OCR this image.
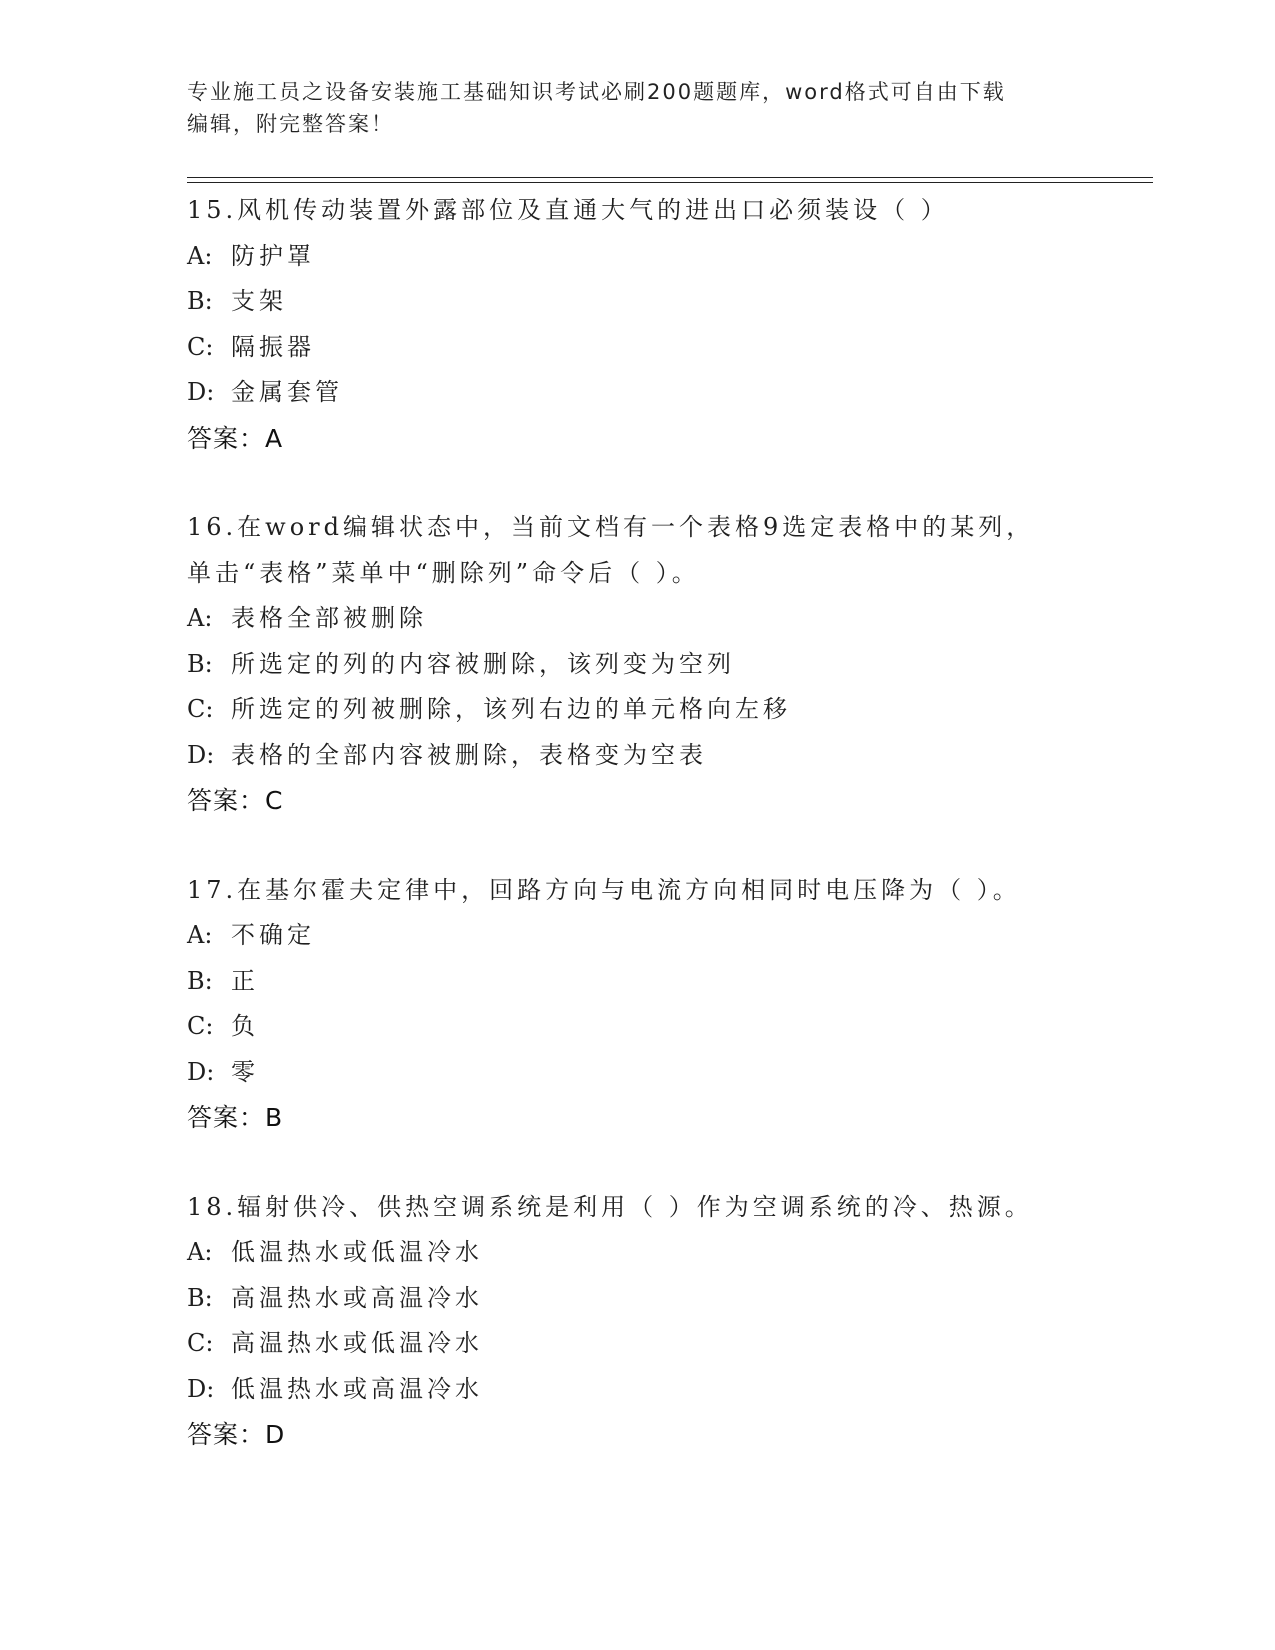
专业施工员之设备安装施工基础知识考试必刷200题题库，word格式可自由下载
编辑，附完整答案！
15.风机传动装置外露部位及直通大气的进出口必须装设（ ）
A: 防护罩
B: 支架
C: 隔振器
D: 金属套管
答案：A
16.在word编辑状态中，当前文档有一个表格9选定表格中的某列，
单击“表格”菜单中“删除列”命令后（ ）。
A: 表格全部被删除
B: 所选定的列的内容被删除，该列变为空列
C: 所选定的列被删除，该列右边的单元格向左移
D: 表格的全部内容被删除，表格变为空表
答案：C
17.在基尔霍夫定律中，回路方向与电流方向相同时电压降为（ ）。
A: 不确定
B: 正
C: 负
D: 零
答案：B
18.辐射供冷、供热空调系统是利用（ ）作为空调系统的冷、热源。
A: 低温热水或低温冷水
B: 高温热水或高温冷水
C: 高温热水或低温冷水
D: 低温热水或高温冷水
答案：D
